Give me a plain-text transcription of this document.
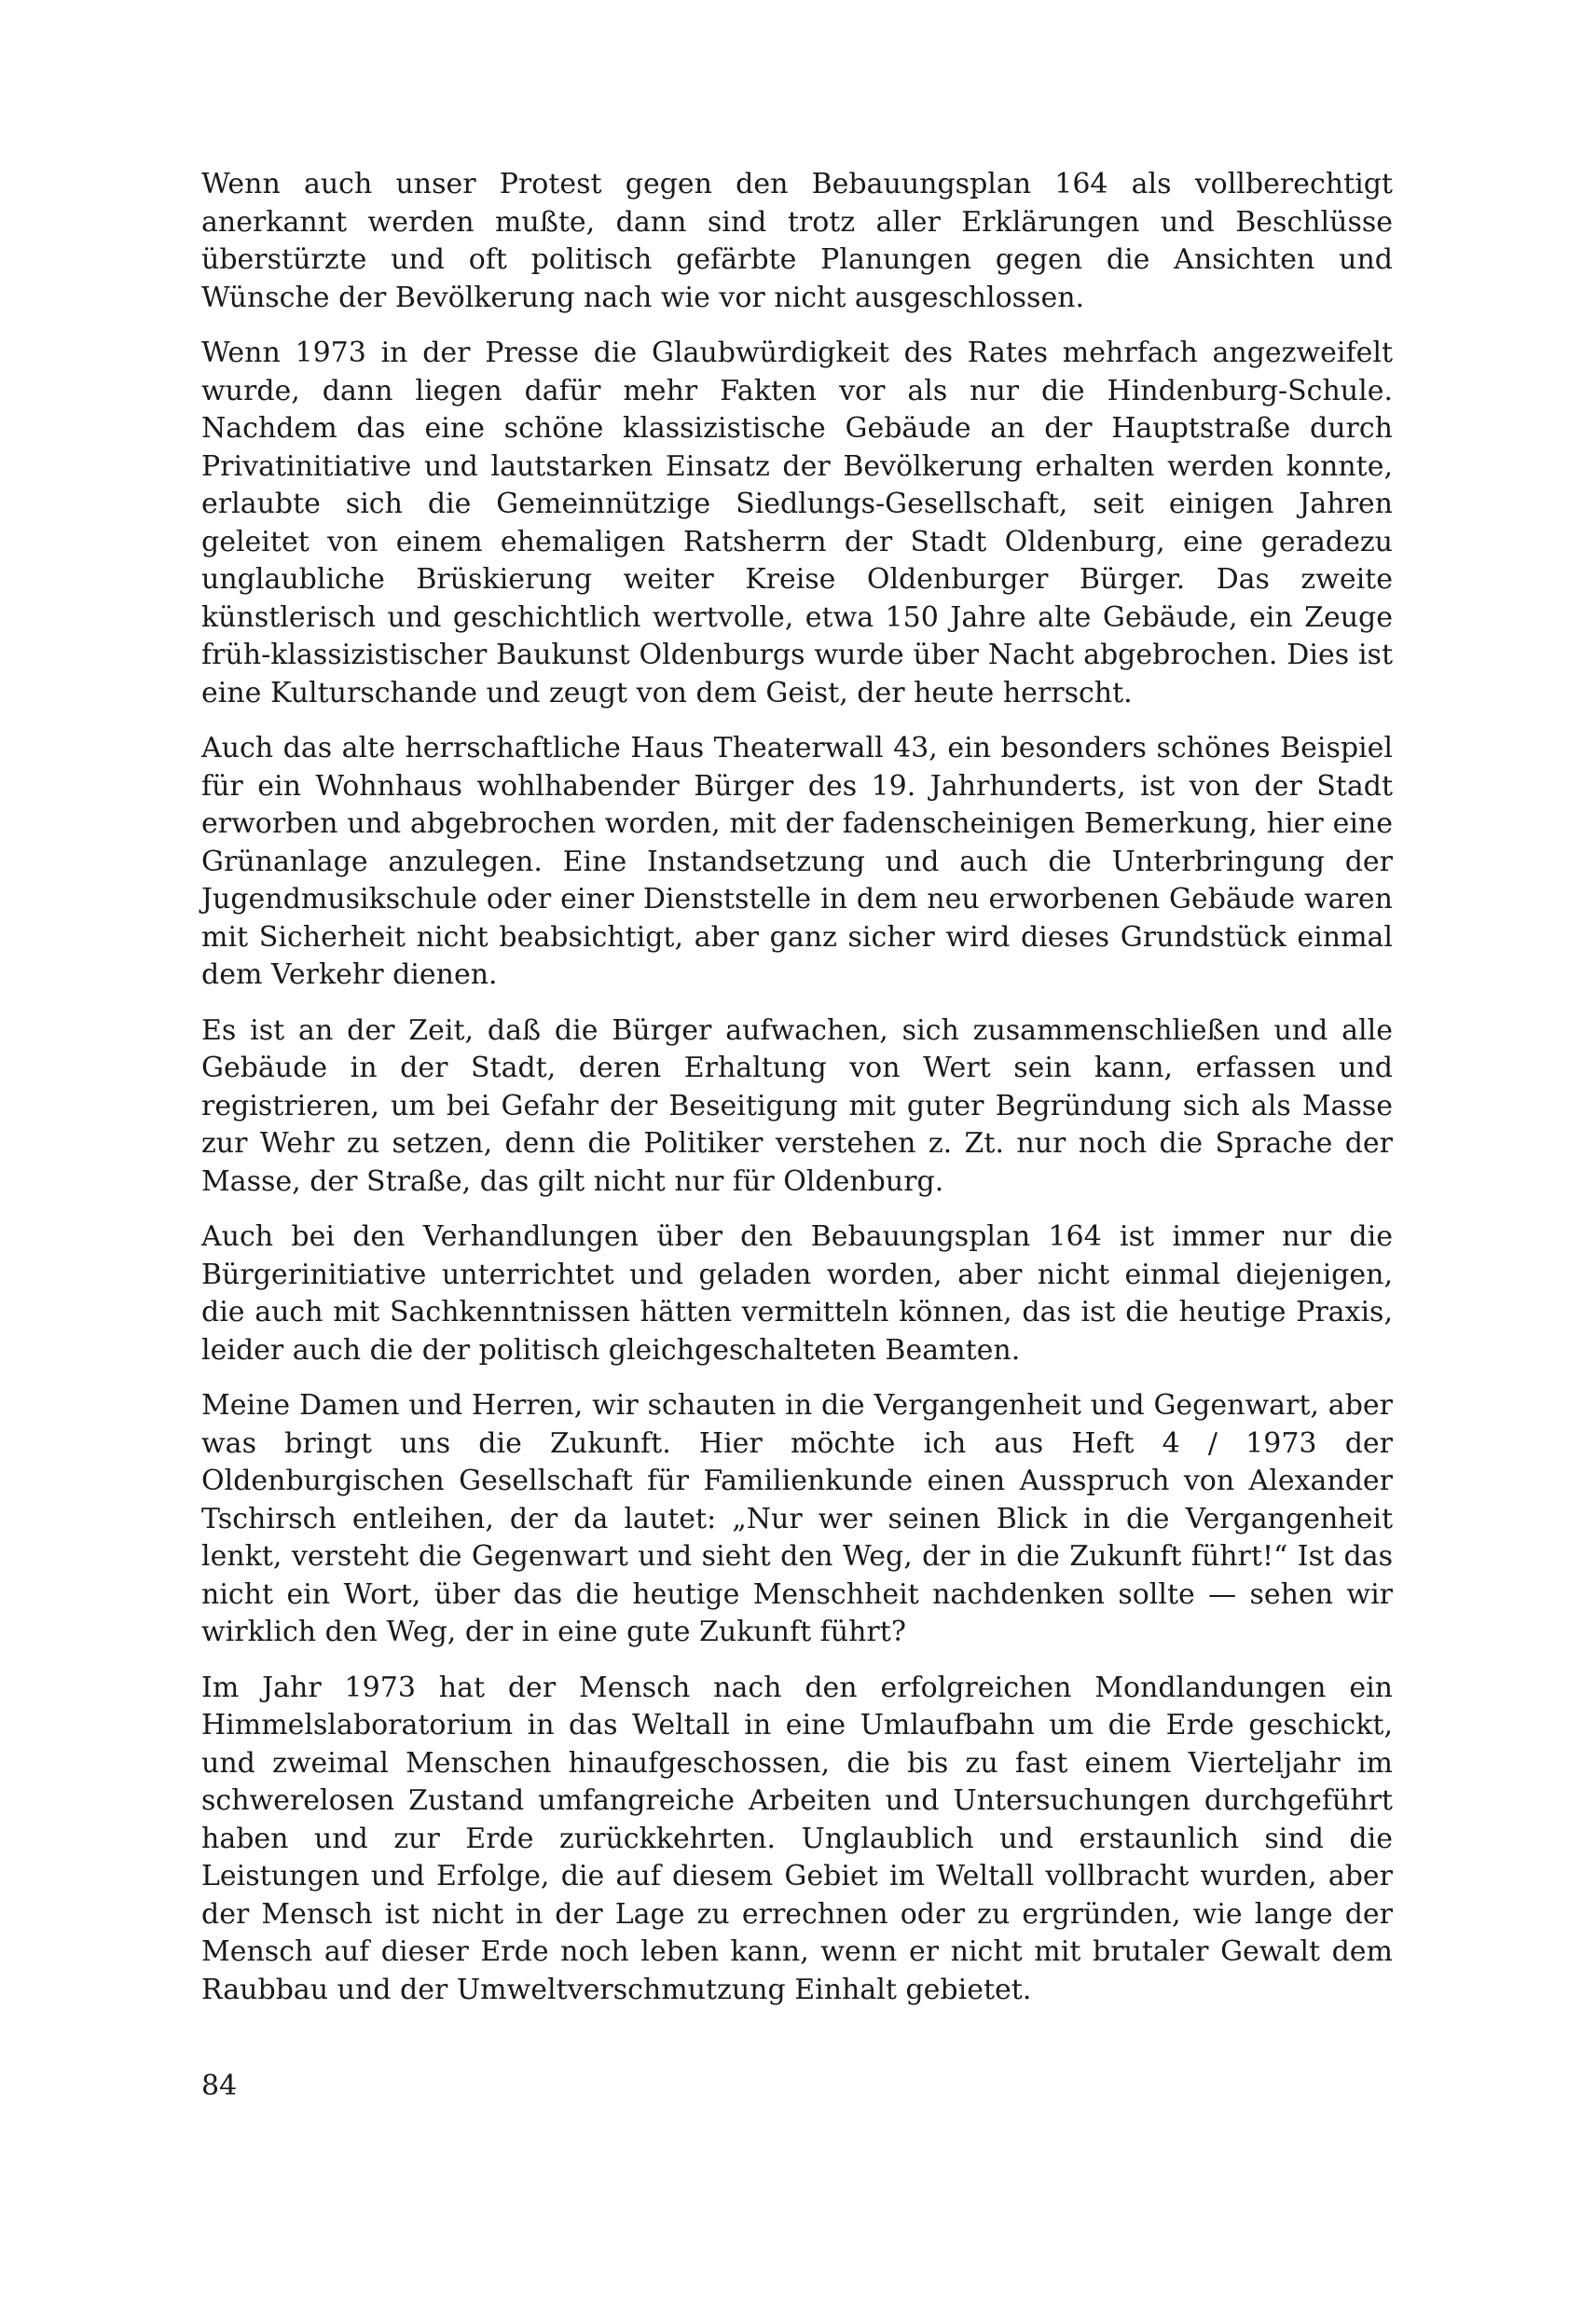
Wenn auch unser Protest gegen den Bebauungsplan 164 als vollberechtigt anerkannt werden mußte, dann sind trotz aller Erklärungen und Beschlüsse überstürzte und oft politisch gefärbte Planungen gegen die Ansichten und Wünsche der Bevölkerung nach wie vor nicht ausgeschlossen.

Wenn 1973 in der Presse die Glaubwürdigkeit des Rates mehrfach angezweifelt wurde, dann liegen dafür mehr Fakten vor als nur die Hindenburg-Schule. Nachdem das eine schöne klassizistische Gebäude an der Hauptstraße durch Privatinitiative und lautstarken Einsatz der Bevölkerung erhalten werden konnte, erlaubte sich die Gemeinnützige Siedlungs-Gesellschaft, seit einigen Jahren geleitet von einem ehemaligen Ratsherrn der Stadt Oldenburg, eine geradezu unglaubliche Brüskierung weiter Kreise Oldenburger Bürger. Das zweite künstlerisch und geschichtlich wertvolle, etwa 150 Jahre alte Gebäude, ein Zeuge früh-klassizistischer Baukunst Oldenburgs wurde über Nacht abgebrochen. Dies ist eine Kulturschande und zeugt von dem Geist, der heute herrscht.

Auch das alte herrschaftliche Haus Theaterwall 43, ein besonders schönes Beispiel für ein Wohnhaus wohlhabender Bürger des 19. Jahrhunderts, ist von der Stadt erworben und abgebrochen worden, mit der fadenscheinigen Bemerkung, hier eine Grünanlage anzulegen. Eine Instandsetzung und auch die Unterbringung der Jugendmusikschule oder einer Dienststelle in dem neu erworbenen Gebäude waren mit Sicherheit nicht beabsichtigt, aber ganz sicher wird dieses Grundstück einmal dem Verkehr dienen.

Es ist an der Zeit, daß die Bürger aufwachen, sich zusammenschließen und alle Gebäude in der Stadt, deren Erhaltung von Wert sein kann, erfassen und registrieren, um bei Gefahr der Beseitigung mit guter Begründung sich als Masse zur Wehr zu setzen, denn die Politiker verstehen z. Zt. nur noch die Sprache der Masse, der Straße, das gilt nicht nur für Oldenburg.

Auch bei den Verhandlungen über den Bebauungsplan 164 ist immer nur die Bürgerinitiative unterrichtet und geladen worden, aber nicht einmal diejenigen, die auch mit Sachkenntnissen hätten vermitteln können, das ist die heutige Praxis, leider auch die der politisch gleichgeschalteten Beamten.

Meine Damen und Herren, wir schauten in die Vergangenheit und Gegenwart, aber was bringt uns die Zukunft. Hier möchte ich aus Heft 4 / 1973 der Oldenburgischen Gesellschaft für Familienkunde einen Ausspruch von Alexander Tschirsch entleihen, der da lautet: „Nur wer seinen Blick in die Vergangenheit lenkt, versteht die Gegenwart und sieht den Weg, der in die Zukunft führt!“ Ist das nicht ein Wort, über das die heutige Menschheit nachdenken sollte — sehen wir wirklich den Weg, der in eine gute Zukunft führt?

Im Jahr 1973 hat der Mensch nach den erfolgreichen Mondlandungen ein Himmelslaboratorium in das Weltall in eine Umlaufbahn um die Erde geschickt, und zweimal Menschen hinaufgeschossen, die bis zu fast einem Vierteljahr im schwerelosen Zustand umfangreiche Arbeiten und Untersuchungen durchgeführt haben und zur Erde zurückkehrten. Unglaublich und erstaunlich sind die Leistungen und Erfolge, die auf diesem Gebiet im Weltall vollbracht wurden, aber der Mensch ist nicht in der Lage zu errechnen oder zu ergründen, wie lange der Mensch auf dieser Erde noch leben kann, wenn er nicht mit brutaler Gewalt dem Raubbau und der Umweltverschmutzung Einhalt gebietet.

84
